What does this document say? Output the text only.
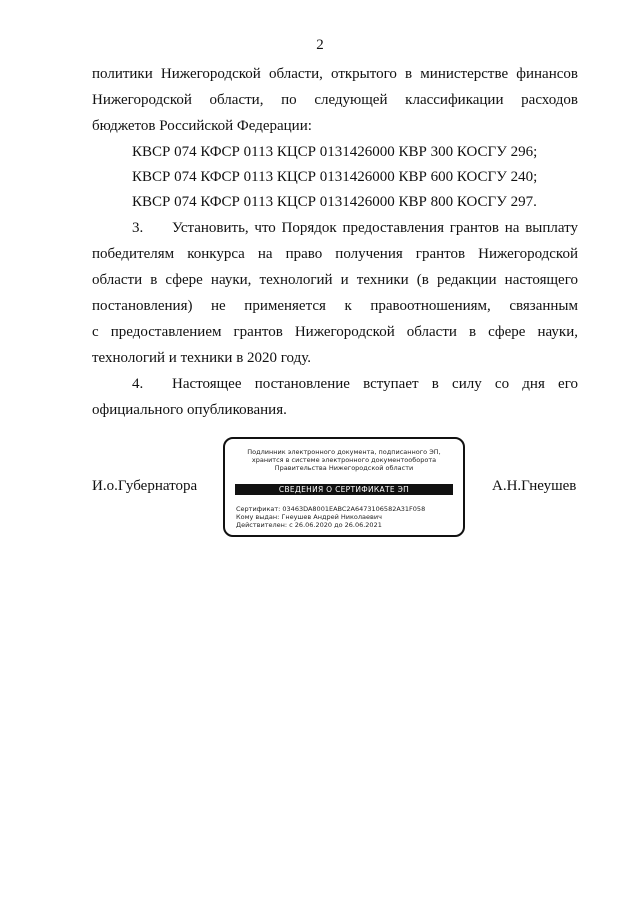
2
политики Нижегородской области, открытого в министерстве финансов
Нижегородской области, по следующей классификации расходов
бюджетов Российской Федерации:
КВСР 074 КФСР 0113 КЦСР 0131426000 КВР 300 КОСГУ 296;
КВСР 074 КФСР 0113 КЦСР 0131426000 КВР 600 КОСГУ 240;
КВСР 074 КФСР 0113 КЦСР 0131426000 КВР 800 КОСГУ 297.
3. Установить, что Порядок предоставления грантов на выплату
победителям конкурса на право получения грантов Нижегородской
области в сфере науки, технологий и техники (в редакции настоящего
постановления) не применяется к правоотношениям, связанным
с предоставлением грантов Нижегородской области в сфере науки,
технологий и техники в 2020 году.
4. Настоящее постановление вступает в силу со дня его
официального опубликования.
И.о.Губернатора
Подлинник электронного документа, подписанного ЭП,
хранится в системе электронного документооборота
Правительства Нижегородской области
СВЕДЕНИЯ О СЕРТИФИКАТЕ ЭП
Сертификат: 03463DA8001EABC2A6473106582A31F058
Кому выдан: Гнеушев Андрей Николаевич
Действителен: с 26.06.2020 до 26.06.2021
А.Н.Гнеушев
